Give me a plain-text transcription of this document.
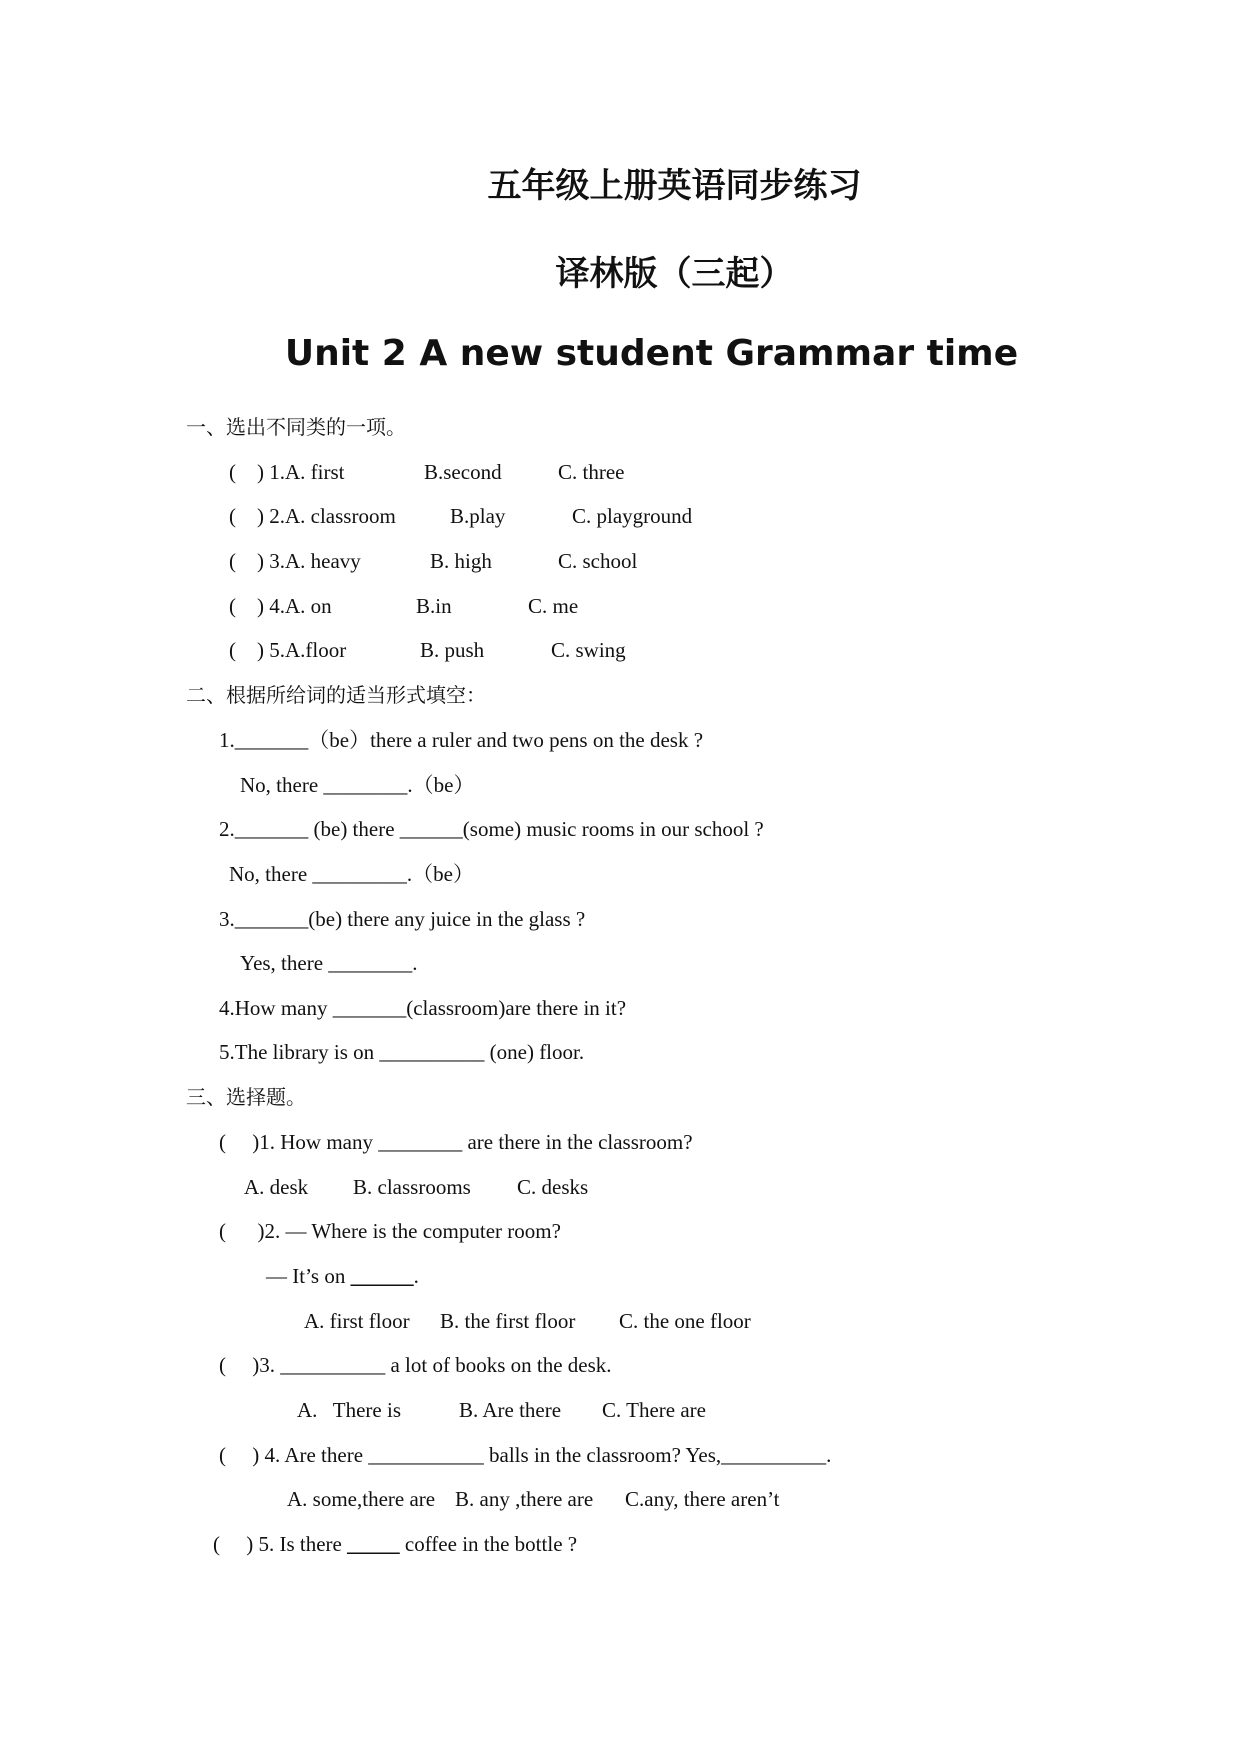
五年级上册英语同步练习
译林版（三起）
Unit 2 A new student Grammar time
一、选出不同类的一项。
(    ) 1.A. first	B.second	C. three
(    ) 2.A. classroom	B.play	C. playground
(    ) 3.A. heavy	B. high	C. school
(    ) 4.A. on	B.in	C. me
(    ) 5.A.floor	B. push	C. swing
二、根据所给词的适当形式填空：
1._______（be）there a ruler and two pens on the desk ?
No, there ________.（be）
2._______ (be) there ______(some) music rooms in our school ?
No, there _________.（be）
3._______(be) there any juice in the glass ?
Yes, there ________.
4.How many _______(classroom)are there in it?
5.The library is on __________ (one) floor.
三、选择题。
(     )1. How many ________ are there in the classroom?
A. desk B. classrooms C. desks
(      )2. — Where is the computer room?
— It’s on ______.
A. first floor B. the first floor C. the one floor
(     )3. __________ a lot of books on the desk.
A.   There is	B. Are there C. There are
(     ) 4. Are there ___________ balls in the classroom? Yes,__________.
A. some,there are B. any ,there are C.any, there aren’t
(     ) 5. Is there _____ coffee in the bottle ?
